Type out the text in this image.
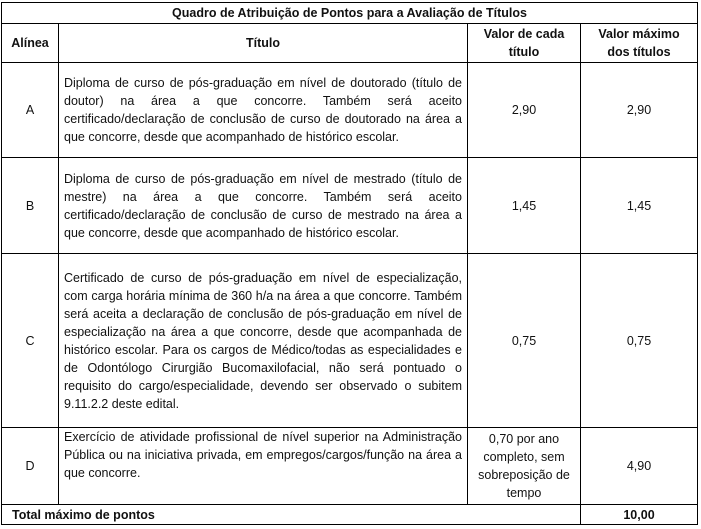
Quadro de Atribuição de Pontos para a Avaliação de Títulos			
Alínea	Título	Valor de cada título	Valor máximo dos títulos
A	Diploma de curso de pós-graduação em nível de doutorado (título de doutor) na área a que concorre. Também será aceito certificado/declaração de conclusão de curso de doutorado na área a que concorre, desde que acompanhado de histórico escolar.	2,90	2,90
B	Diploma de curso de pós-graduação em nível de mestrado (título de mestre) na área a que concorre. Também será aceito certificado/declaração de conclusão de curso de mestrado na área a que concorre, desde que acompanhado de histórico escolar.	1,45	1,45
C	Certificado de curso de pós-graduação em nível de especialização, com carga horária mínima de 360 h/a na área a que concorre. Também será aceita a declaração de conclusão de pós-graduação em nível de especialização na área a que concorre, desde que acompanhada de histórico escolar. Para os cargos de Médico/todas as especialidades e de Odontólogo Cirurgião Bucomaxilofacial, não será pontuado o requisito do cargo/especialidade, devendo ser observado o subitem 9.11.2.2 deste edital.	0,75	0,75
D	Exercício de atividade profissional de nível superior na Administração Pública ou na iniciativa privada, em empregos/cargos/função na área a que concorre.	0,70 por ano completo, sem sobreposição de tempo	4,90
Total máximo de pontos			10,00
